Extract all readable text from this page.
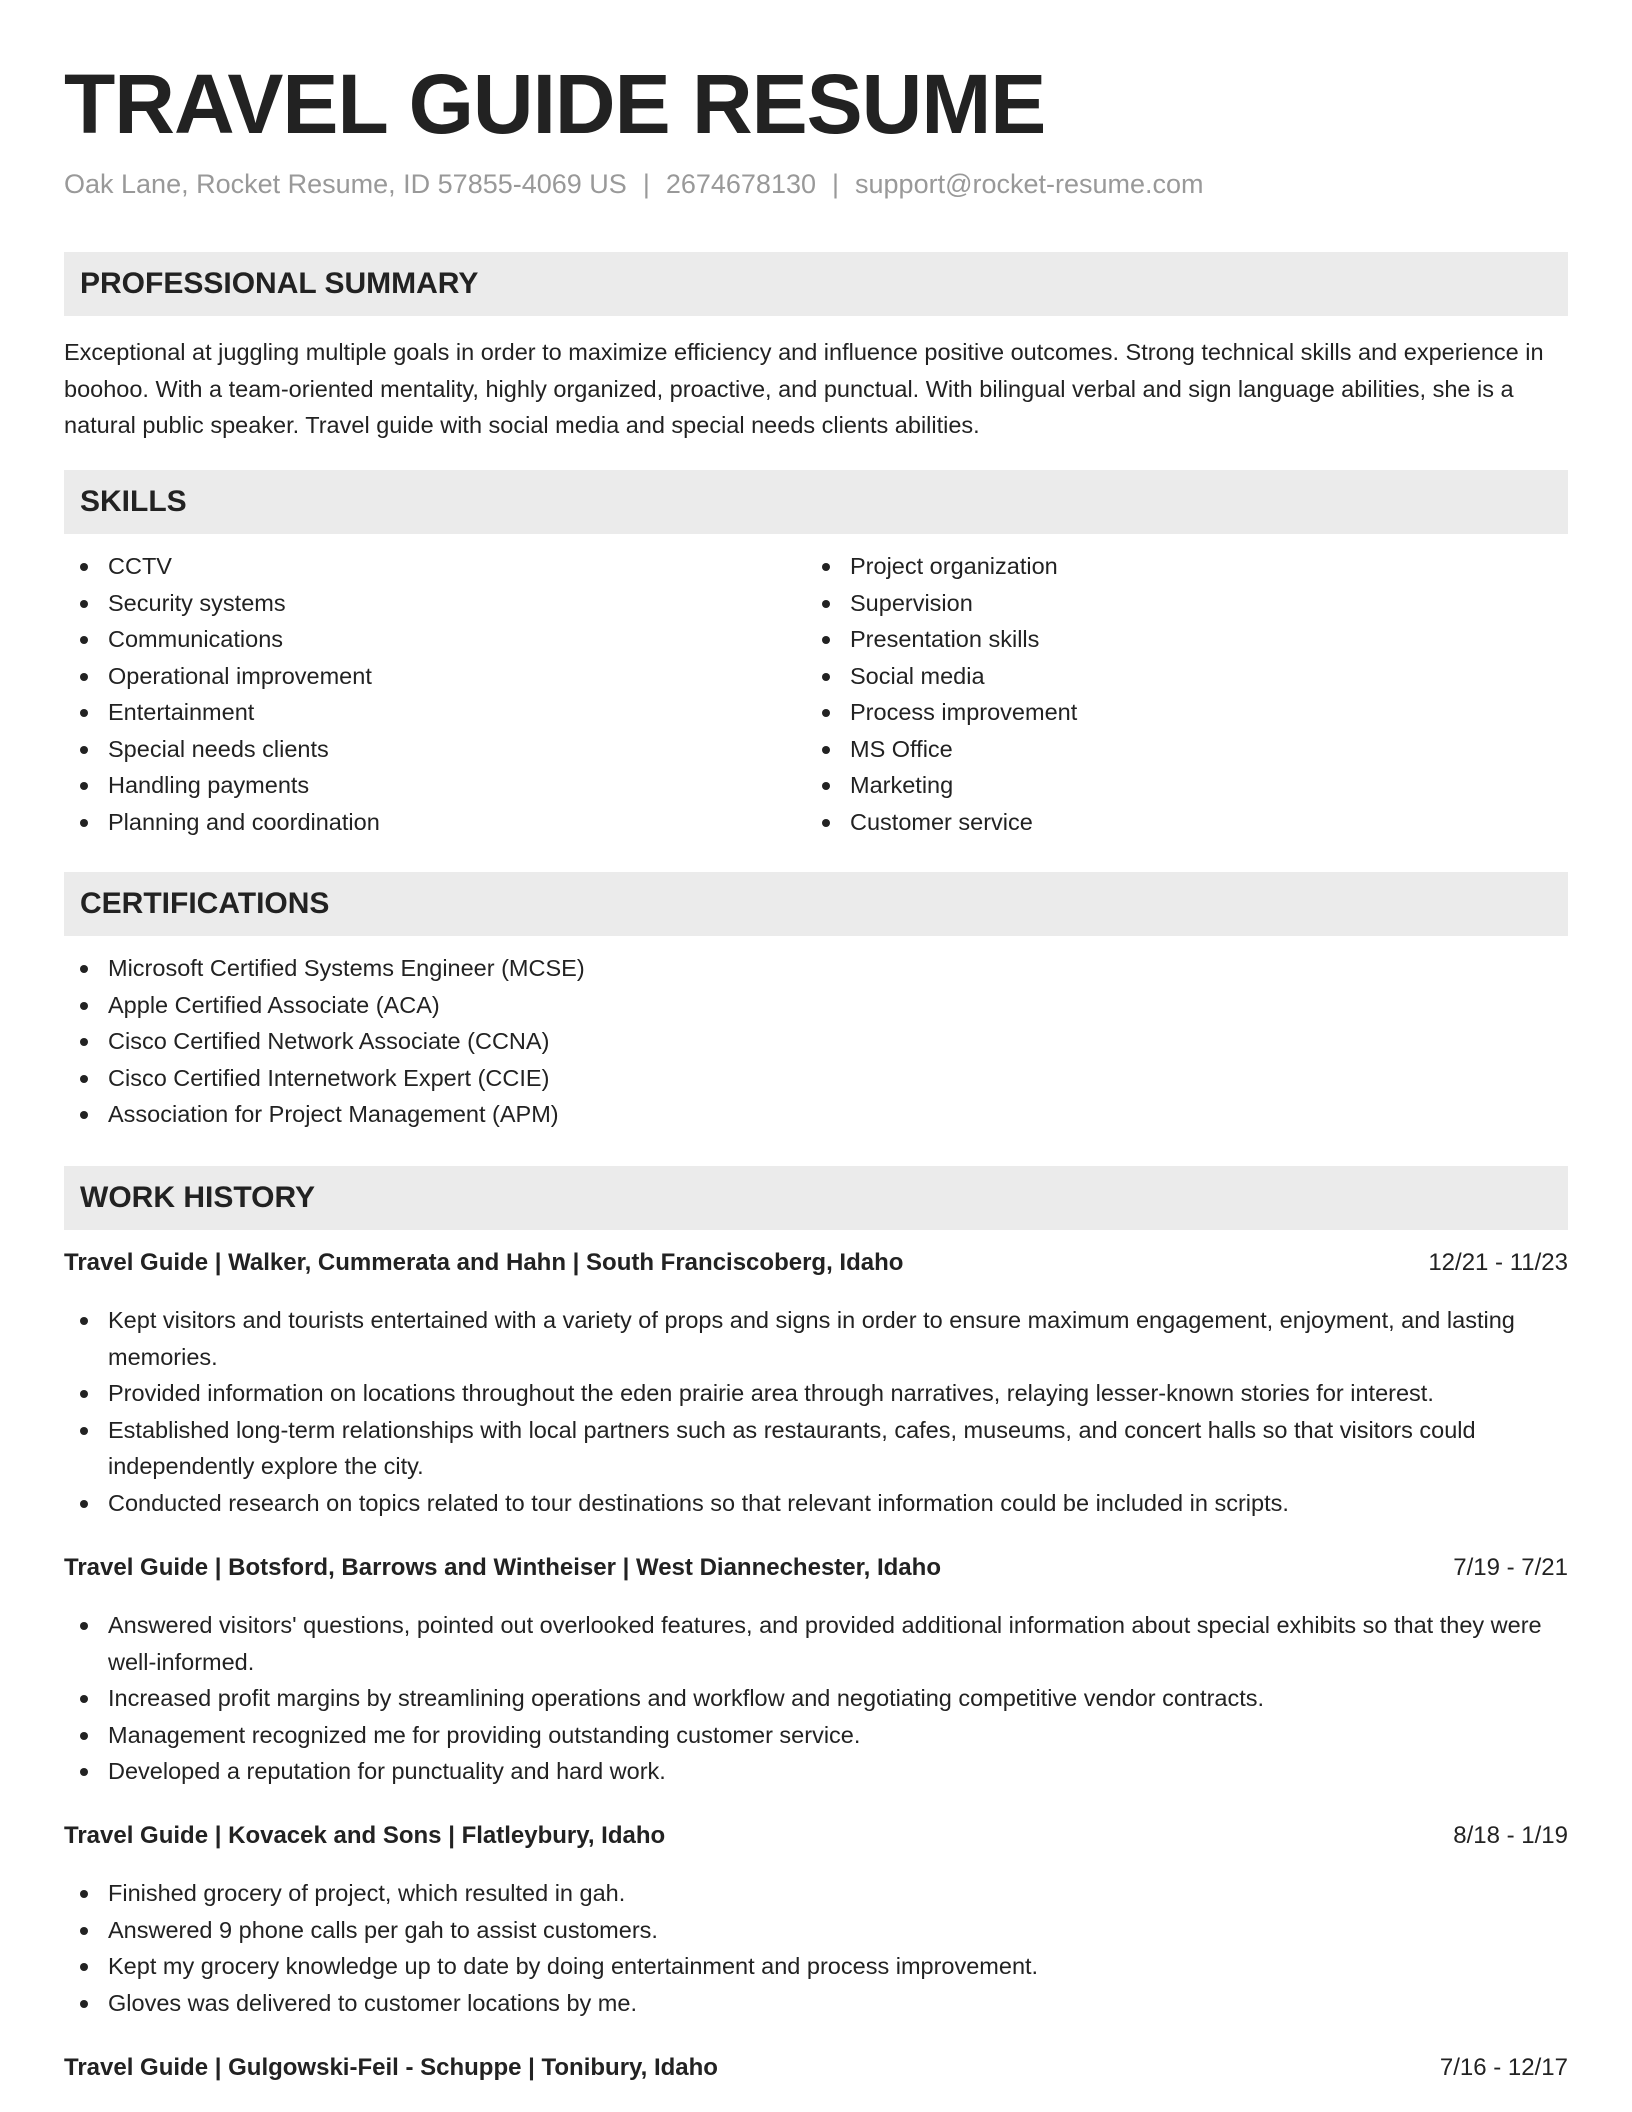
TRAVEL GUIDE RESUME
Oak Lane, Rocket Resume, ID 57855-4069 US | 2674678130 | support@rocket-resume.com
PROFESSIONAL SUMMARY

Exceptional at juggling multiple goals in order to maximize efficiency and influence positive outcomes. Strong technical skills and experience in boohoo. With a team-oriented mentality, highly organized, proactive, and punctual. With bilingual verbal and sign language abilities, she is a natural public speaker. Travel guide with social media and special needs clients abilities.

SKILLS
CCTV
Security systems
Communications
Operational improvement
Entertainment
Special needs clients
Handling payments
Planning and coordination
Project organization
Supervision
Presentation skills
Social media
Process improvement
MS Office
Marketing
Customer service
CERTIFICATIONS
Microsoft Certified Systems Engineer (MCSE)
Apple Certified Associate (ACA)
Cisco Certified Network Associate (CCNA)
Cisco Certified Internetwork Expert (CCIE)
Association for Project Management (APM)
WORK HISTORY
Travel Guide | Walker, Cummerata and Hahn | South Franciscoberg, Idaho	12/21 - 11/23
Kept visitors and tourists entertained with a variety of props and signs in order to ensure maximum engagement, enjoyment, and lasting memories.
Provided information on locations throughout the eden prairie area through narratives, relaying lesser-known stories for interest.
Established long-term relationships with local partners such as restaurants, cafes, museums, and concert halls so that visitors could independently explore the city.
Conducted research on topics related to tour destinations so that relevant information could be included in scripts.
Travel Guide | Botsford, Barrows and Wintheiser | West Diannechester, Idaho	7/19 - 7/21
Answered visitors' questions, pointed out overlooked features, and provided additional information about special exhibits so that they were well-informed.
Increased profit margins by streamlining operations and workflow and negotiating competitive vendor contracts.
Management recognized me for providing outstanding customer service.
Developed a reputation for punctuality and hard work.
Travel Guide | Kovacek and Sons | Flatleybury, Idaho	8/18 - 1/19
Finished grocery of project, which resulted in gah.
Answered 9 phone calls per gah to assist customers.
Kept my grocery knowledge up to date by doing entertainment and process improvement.
Gloves was delivered to customer locations by me.
Travel Guide | Gulgowski-Feil - Schuppe | Tonibury, Idaho	7/16 - 12/17
